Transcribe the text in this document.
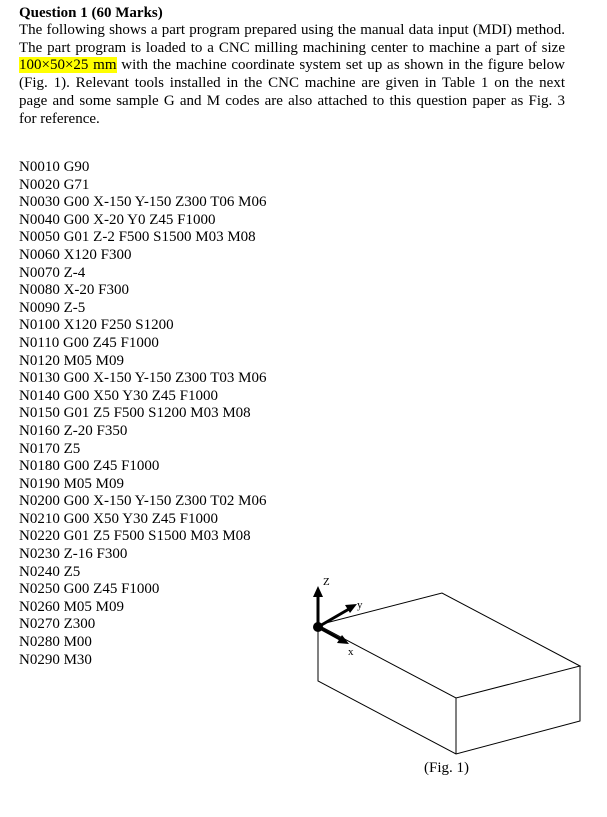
Question 1 (60 Marks)
The following shows a part program prepared using the manual data input (MDI) method.
The part program is loaded to a CNC milling machining center to machine a part of size
100×50×25 mm with the machine coordinate system set up as shown in the figure below
(Fig. 1). Relevant tools installed in the CNC machine are given in Table 1 on the next
page and some sample G and M codes are also attached to this question paper as Fig. 3
for reference.
N0010 G90
N0020 G71
N0030 G00 X-150 Y-150 Z300 T06 M06
N0040 G00 X-20 Y0 Z45 F1000
N0050 G01 Z-2 F500 S1500 M03 M08
N0060 X120 F300
N0070 Z-4
N0080 X-20 F300
N0090 Z-5
N0100 X120 F250 S1200
N0110 G00 Z45 F1000
N0120 M05 M09
N0130 G00 X-150 Y-150 Z300 T03 M06
N0140 G00 X50 Y30 Z45 F1000
N0150 G01 Z5 F500 S1200 M03 M08
N0160 Z-20 F350
N0170 Z5
N0180 G00 Z45 F1000
N0190 M05 M09
N0200 G00 X-150 Y-150 Z300 T02 M06
N0210 G00 X50 Y30 Z45 F1000
N0220 G01 Z5 F500 S1500 M03 M08
N0230 Z-16 F300
N0240 Z5
N0250 G00 Z45 F1000
N0260 M05 M09
N0270 Z300
N0280 M00
N0290 M30
Z
y
x
(Fig. 1)
